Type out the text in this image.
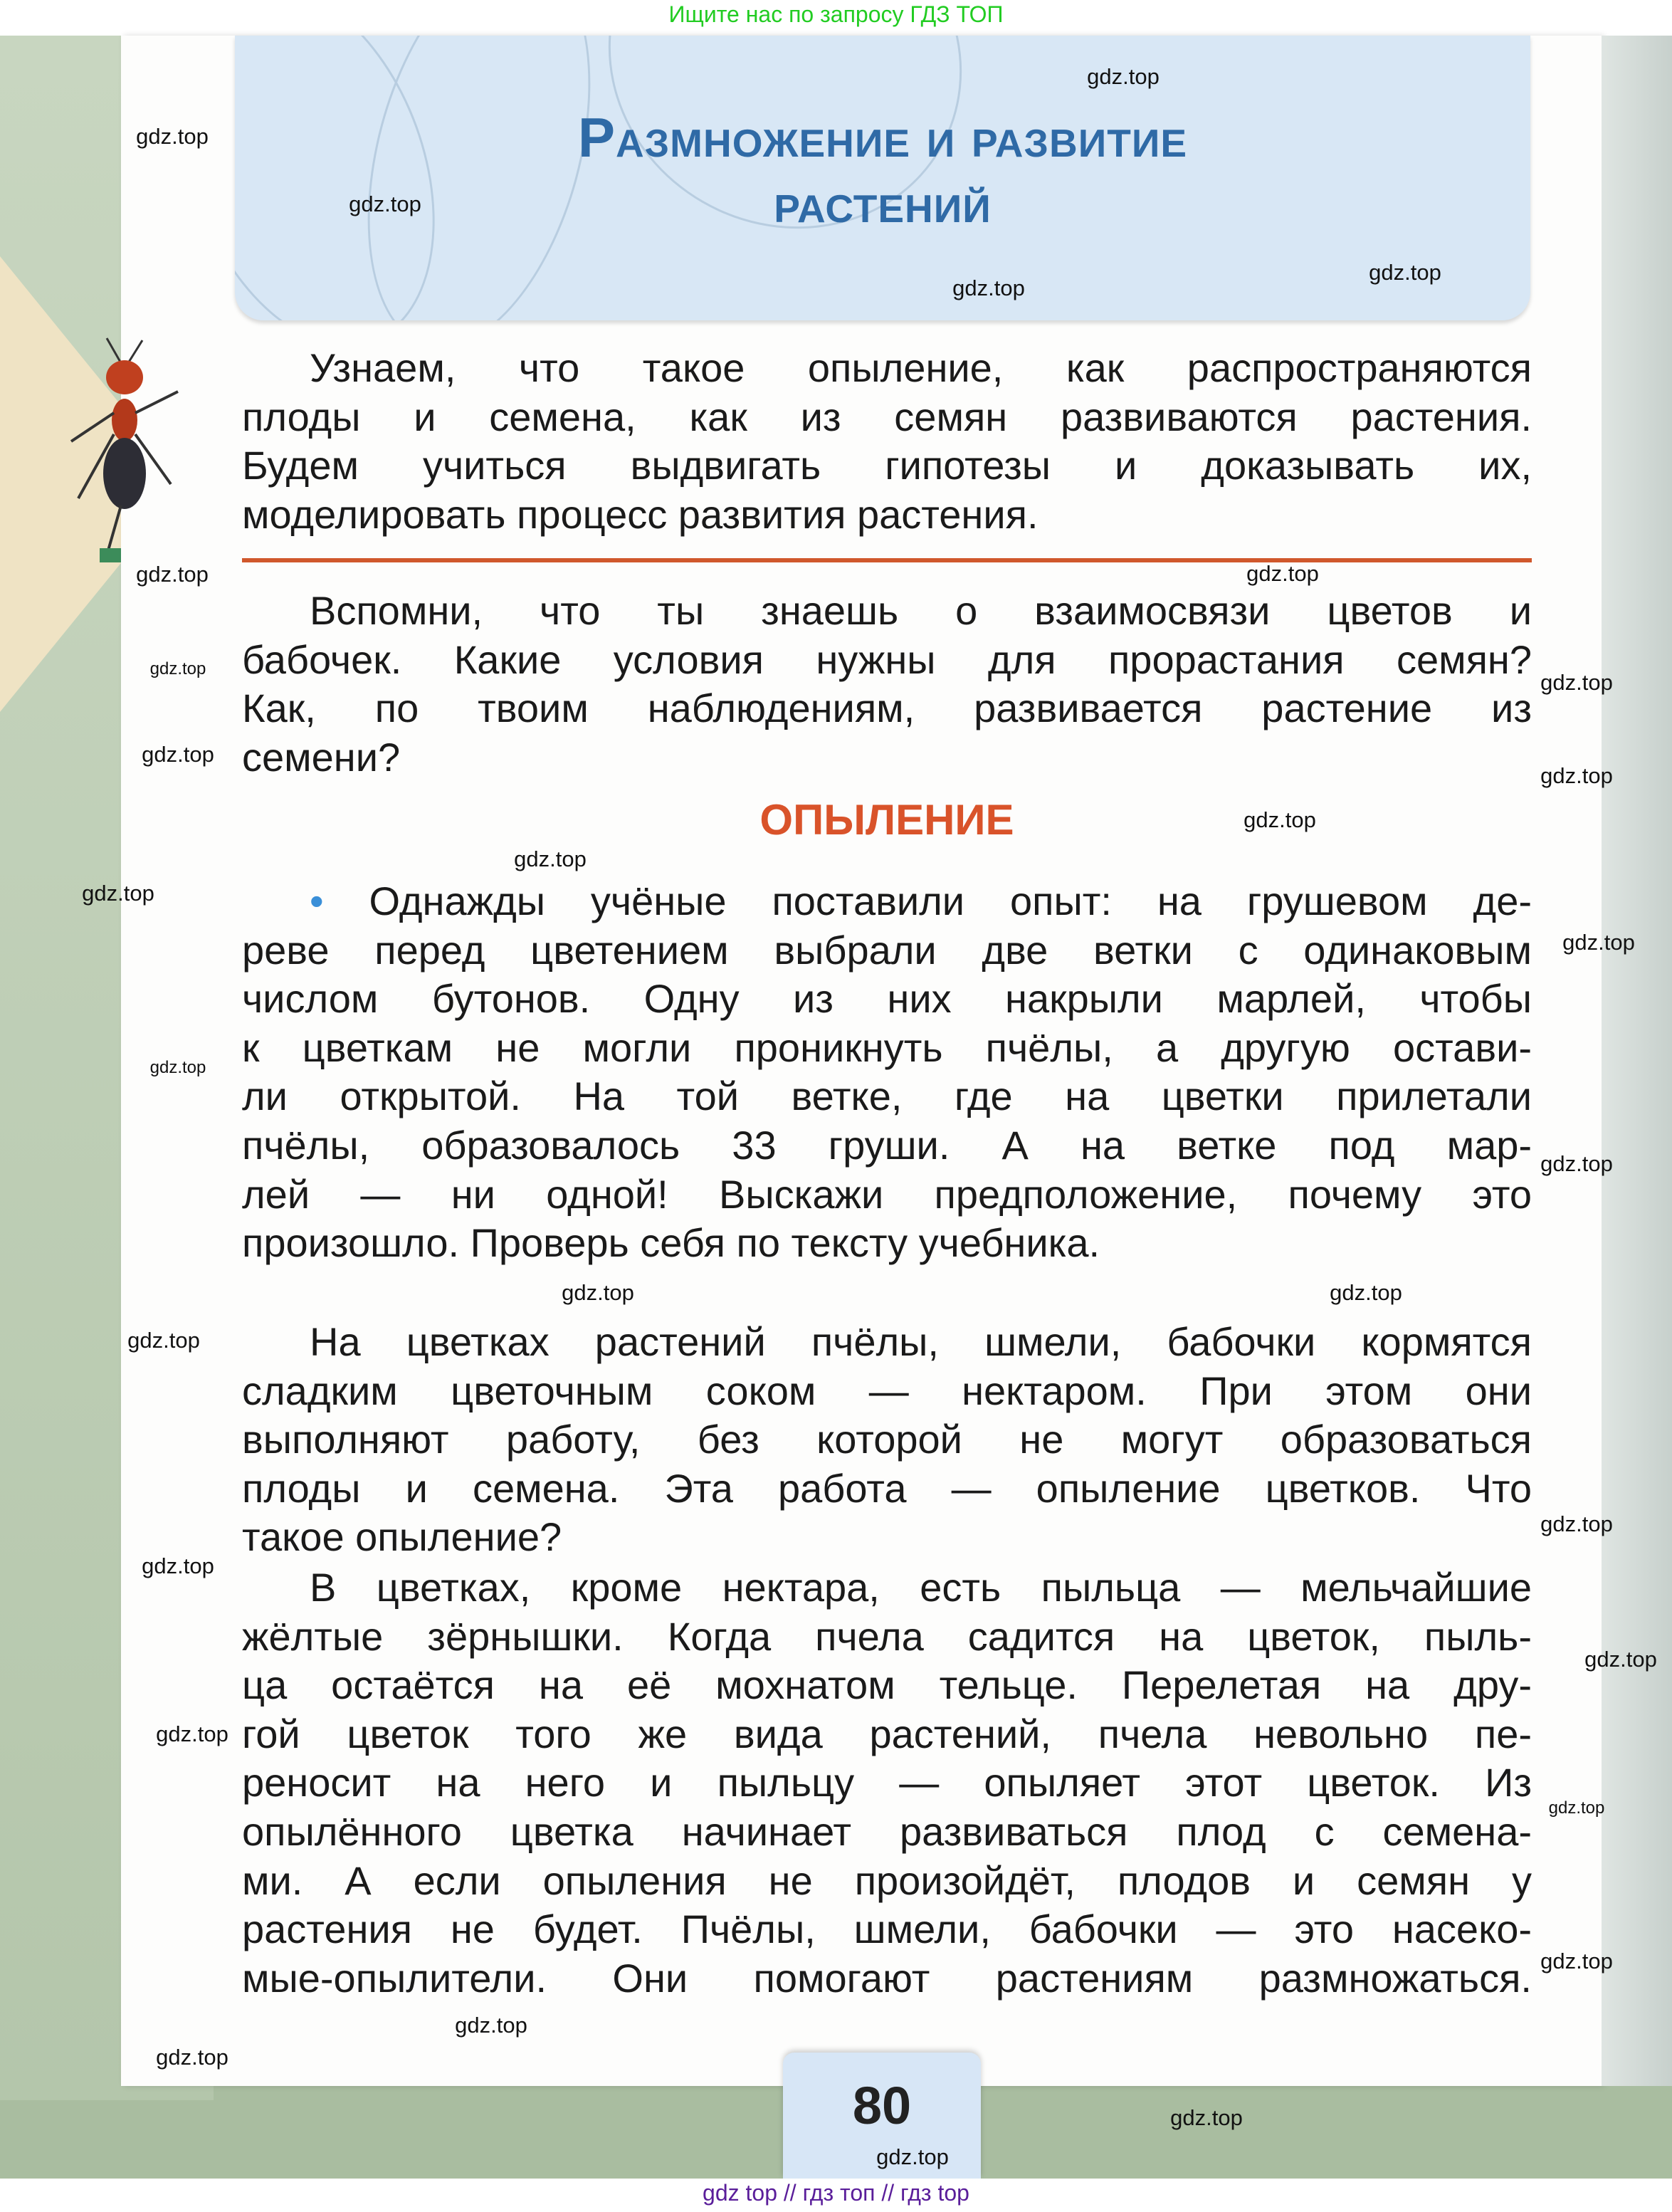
Ищите нас по запросу ГДЗ ТОП
Размножение и развитие
растений
Узнаем, что такое опыление, как распространяются
плоды и семена, как из семян развиваются растения.
Будем учиться выдвигать гипотезы и доказывать их,
моделировать процесс развития растения.
Вспомни, что ты знаешь о взаимосвязи цветов и
бабочек. Какие условия нужны для прорастания семян?
Как, по твоим наблюдениям, развивается растение из
семени?
ОПЫЛЕНИЕ
• Однажды учёные поставили опыт: на грушевом де-
реве перед цветением выбрали две ветки с одинаковым
числом бутонов. Одну из них накрыли марлей, чтобы
к цветкам не могли проникнуть пчёлы, а другую остави-
ли открытой. На той ветке, где на цветки прилетали
пчёлы, образовалось 33 груши. А на ветке под мар-
лей — ни одной! Выскажи предположение, почему это
произошло. Проверь себя по тексту учебника.
На цветках растений пчёлы, шмели, бабочки кормятся
сладким цветочным соком — нектаром. При этом они
выполняют работу, без которой не могут образоваться
плоды и семена. Эта работа — опыление цветков. Что
такое опыление?
В цветках, кроме нектара, есть пыльца — мельчайшие
жёлтые зёрнышки. Когда пчела садится на цветок, пыль-
ца остаётся на её мохнатом тельце. Перелетая на дру-
гой цветок того же вида растений, пчела невольно пе-
реносит на него и пыльцу — опыляет этот цветок. Из
опылённого цветка начинает развиваться плод с семена-
ми. А если опыления не произойдёт, плодов и семян у
растения не будет. Пчёлы, шмели, бабочки — это насеко-
мые-опылители. Они помогают растениям размножаться.
80
gdz top // гдз топ // гдз top
gdz.top
gdz.top
gdz.top
gdz.top
gdz.top
gdz.top	gdz.top
gdz.top
gdz.top
gdz.top
gdz.top
gdz.top
gdz.top
gdz.top
gdz.top
gdz.top
gdz.top
gdz.top
gdz.top
gdz.top
gdz.top
gdz.top
gdz.top
gdz.top
gdz.top
gdz.top
gdz.top
gdz.top
gdz.top
gdz.top
